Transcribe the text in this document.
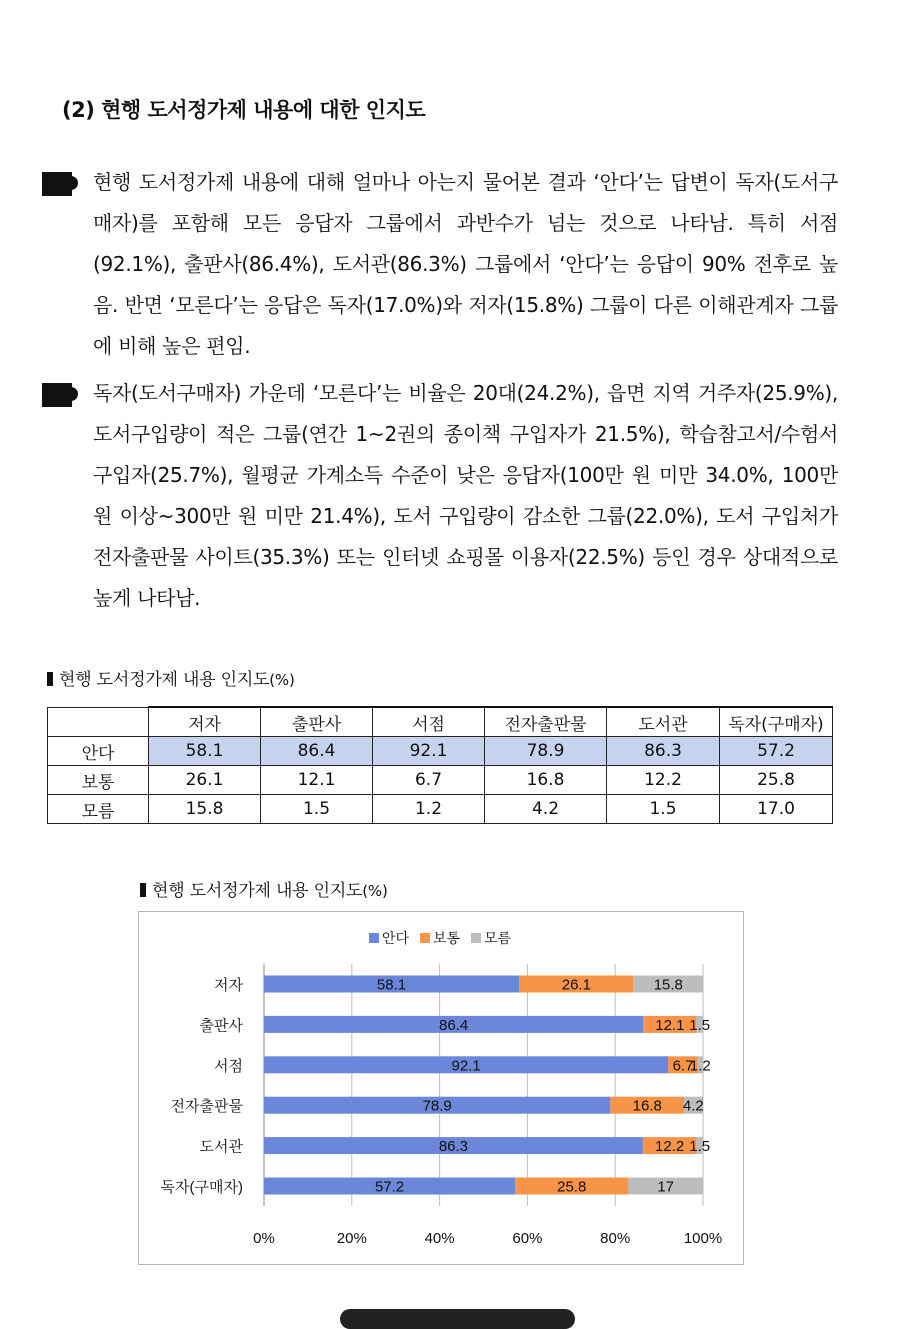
(2) 현행 도서정가제 내용에 대한 인지도
현행 도서정가제 내용에 대해 얼마나 아는지 물어본 결과 ‘안다’는 답변이 독자(도서구매자)를 포함해 모든 응답자 그룹에서 과반수가 넘는 것으로 나타남. 특히 서점(92.1%), 출판사(86.4%), 도서관(86.3%) 그룹에서 ‘안다’는 응답이 90% 전후로 높음. 반면 ‘모른다’는 응답은 독자(17.0%)와 저자(15.8%) 그룹이 다른 이해관계자 그룹에 비해 높은 편임.
독자(도서구매자) 가운데 ‘모른다’는 비율은 20대(24.2%), 읍면 지역 거주자(25.9%), 도서구입량이 적은 그룹(연간 1~2권의 종이책 구입자가 21.5%), 학습참고서/수험서 구입자(25.7%), 월평균 가계소득 수준이 낮은 응답자(100만 원 미만 34.0%, 100만 원 이상~300만 원 미만 21.4%), 도서 구입량이 감소한 그룹(22.0%), 도서 구입처가 전자출판물 사이트(35.3%) 또는 인터넷 쇼핑몰 이용자(22.5%) 등인 경우 상대적으로 높게 나타남.
현행 도서정가제 내용 인지도(%)
	저자	출판사	서점	전자출판물	도서관	독자(구매자)
안다	58.1	86.4	92.1	78.9	86.3	57.2
보통	26.1	12.1	6.7	16.8	12.2	25.8
모름	15.8	1.5	1.2	4.2	1.5	17.0
현행 도서정가제 내용 인지도(%)
안다 보통 모름
0%	20%	40%	60%	80%	100%
저자	58.1	26.1	15.8
출판사	86.4	12.1 1.5
서점	92.1	6.7
1.2
전자출판물	78.9	16.8 4.2
도서관	86.3	12.2 1.5
독자(구매자)	57.2	25.8	17
